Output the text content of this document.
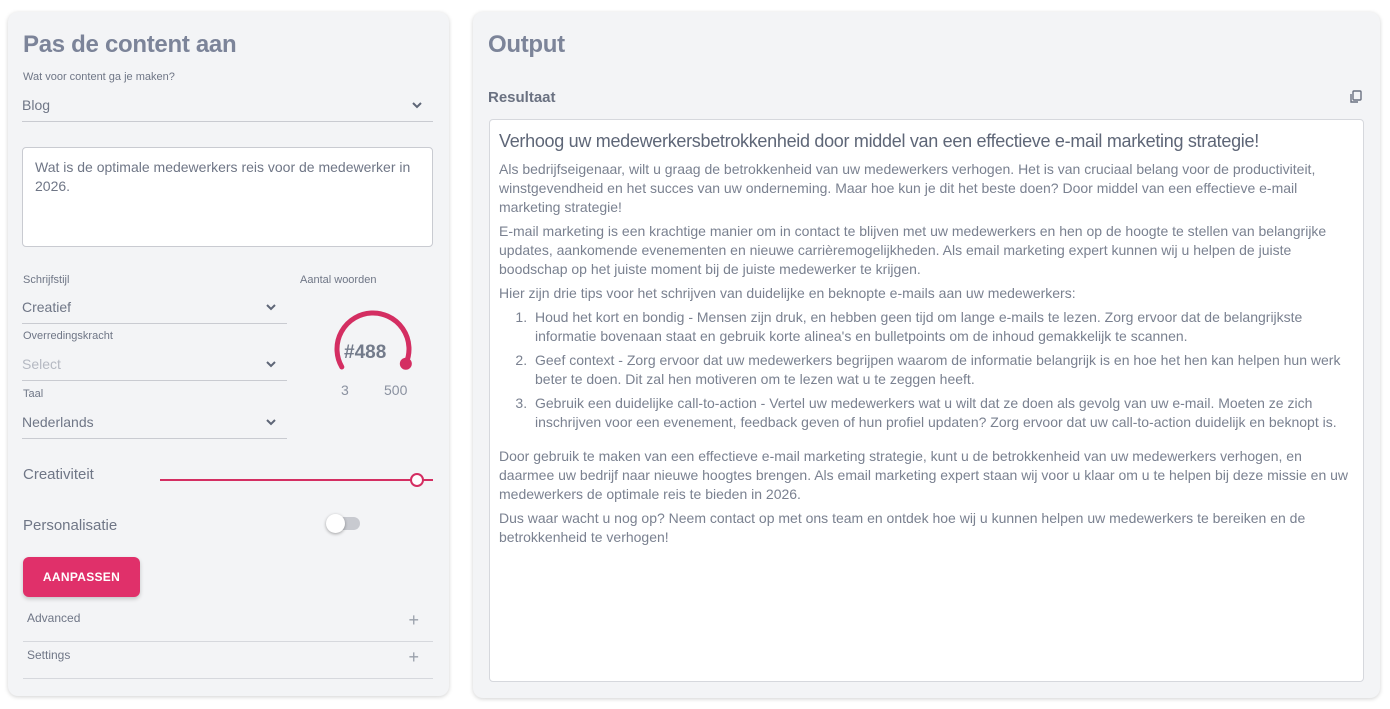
Pas de content aan
Wat voor content ga je maken?
Blog
Wat is de optimale medewerkers reis voor de medewerker in 2026.
Schrijfstijl
Creatief
Overredingskracht
Select
Taal
Nederlands
Aantal woorden
#488
3	500
Creativiteit
Personalisatie
AANPASSEN
Advanced	+
Settings	+
Output
Resultaat
Verhoog uw medewerkersbetrokkenheid door middel van een effectieve e-mail marketing strategie!

Als bedrijfseigenaar, wilt u graag de betrokkenheid van uw medewerkers verhogen. Het is van cruciaal belang voor de productiviteit, winstgevendheid en het succes van uw onderneming. Maar hoe kun je dit het beste doen? Door middel van een effectieve e-mail marketing strategie!

E-mail marketing is een krachtige manier om in contact te blijven met uw medewerkers en hen op de hoogte te stellen van belangrijke updates, aankomende evenementen en nieuwe carrièremogelijkheden. Als email marketing expert kunnen wij u helpen de juiste boodschap op het juiste moment bij de juiste medewerker te krijgen.

Hier zijn drie tips voor het schrijven van duidelijke en beknopte e-mails aan uw medewerkers:

1. Houd het kort en bondig - Mensen zijn druk, en hebben geen tijd om lange e-mails te lezen. Zorg ervoor dat de belangrijkste informatie bovenaan staat en gebruik korte alinea's en bulletpoints om de inhoud gemakkelijk te scannen.
2. Geef context - Zorg ervoor dat uw medewerkers begrijpen waarom de informatie belangrijk is en hoe het hen kan helpen hun werk beter te doen. Dit zal hen motiveren om te lezen wat u te zeggen heeft.
3. Gebruik een duidelijke call-to-action - Vertel uw medewerkers wat u wilt dat ze doen als gevolg van uw e-mail. Moeten ze zich inschrijven voor een evenement, feedback geven of hun profiel updaten? Zorg ervoor dat uw call-to-action duidelijk en beknopt is.

Door gebruik te maken van een effectieve e-mail marketing strategie, kunt u de betrokkenheid van uw medewerkers verhogen, en daarmee uw bedrijf naar nieuwe hoogtes brengen. Als email marketing expert staan wij voor u klaar om u te helpen bij deze missie en uw medewerkers de optimale reis te bieden in 2026.

Dus waar wacht u nog op? Neem contact op met ons team en ontdek hoe wij u kunnen helpen uw medewerkers te bereiken en de betrokkenheid te verhogen!
